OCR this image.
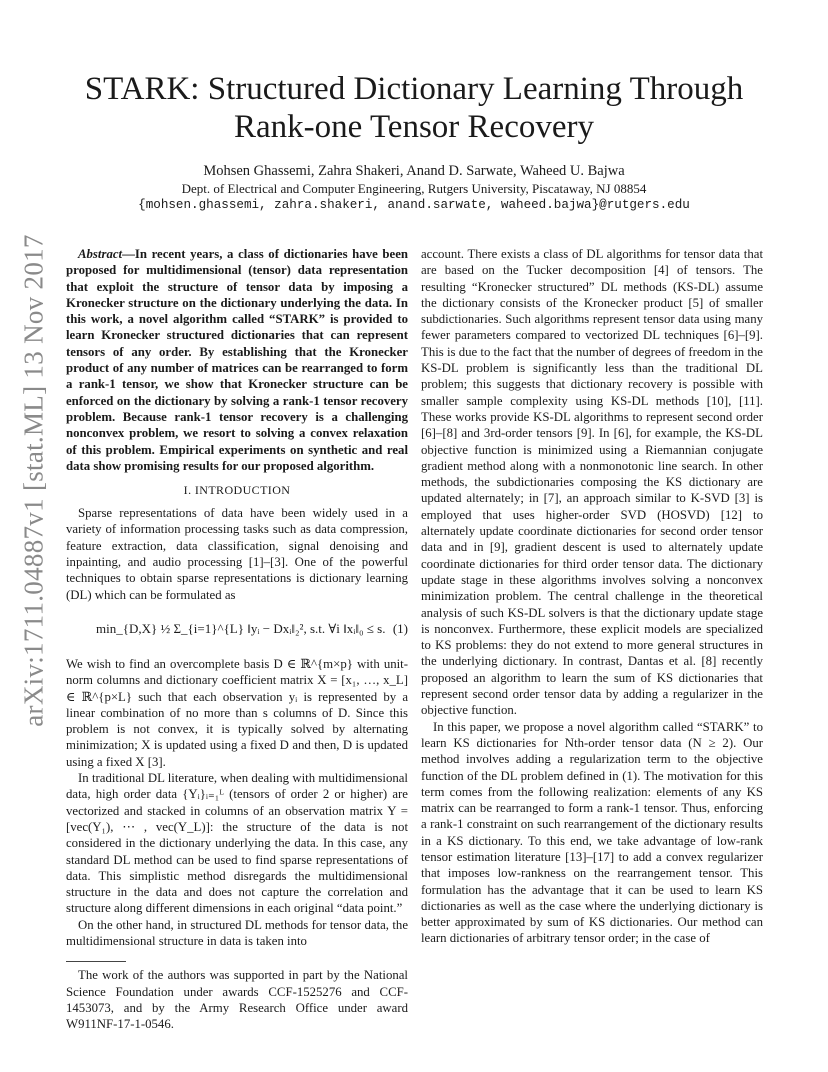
arXiv:1711.04887v1 [stat.ML] 13 Nov 2017
STARK: Structured Dictionary Learning Through Rank-one Tensor Recovery
Mohsen Ghassemi, Zahra Shakeri, Anand D. Sarwate, Waheed U. Bajwa
Dept. of Electrical and Computer Engineering, Rutgers University, Piscataway, NJ 08854
{mohsen.ghassemi, zahra.shakeri, anand.sarwate, waheed.bajwa}@rutgers.edu

Abstract—In recent years, a class of dictionaries have been proposed for multidimensional (tensor) data representation that exploit the structure of tensor data by imposing a Kronecker structure on the dictionary underlying the data. In this work, a novel algorithm called “STARK” is provided to learn Kronecker structured dictionaries that can represent tensors of any order. By establishing that the Kronecker product of any number of matrices can be rearranged to form a rank-1 tensor, we show that Kronecker structure can be enforced on the dictionary by solving a rank-1 tensor recovery problem. Because rank-1 tensor recovery is a challenging nonconvex problem, we resort to solving a convex relaxation of this problem. Empirical experiments on synthetic and real data show promising results for our proposed algorithm.

I. INTRODUCTION

Sparse representations of data have been widely used in a variety of information processing tasks such as data compression, feature extraction, data classification, signal denoising and inpainting, and audio processing [1]–[3]. One of the powerful techniques to obtain sparse representations is dictionary learning (DL) which can be formulated as

min_{D,X} ½ Σ_{i=1}^{L} ‖yᵢ − Dxᵢ‖₂², s.t. ∀i ‖xᵢ‖₀ ≤ s. (1)

We wish to find an overcomplete basis D ∈ ℝ^{m×p} with unit-norm columns and dictionary coefficient matrix X = [x₁, …, x_L] ∈ ℝ^{p×L} such that each observation yᵢ is represented by a linear combination of no more than s columns of D. Since this problem is not convex, it is typically solved by alternating minimization; X is updated using a fixed D and then, D is updated using a fixed X [3].

In traditional DL literature, when dealing with multidimensional data, high order data {Yᵢ}ᵢ₌₁ᴸ (tensors of order 2 or higher) are vectorized and stacked in columns of an observation matrix Y = [vec(Y₁), ⋯ , vec(Y_L)]: the structure of the data is not considered in the dictionary underlying the data. In this case, any standard DL method can be used to find sparse representations of data. This simplistic method disregards the multidimensional structure in the data and does not capture the correlation and structure along different dimensions in each original “data point.”

On the other hand, in structured DL methods for tensor data, the multidimensional structure in data is taken into

The work of the authors was supported in part by the National Science Foundation under awards CCF-1525276 and CCF-1453073, and by the Army Research Office under award W911NF-17-1-0546.

account. There exists a class of DL algorithms for tensor data that are based on the Tucker decomposition [4] of tensors. The resulting “Kronecker structured” DL methods (KS-DL) assume the dictionary consists of the Kronecker product [5] of smaller subdictionaries. Such algorithms represent tensor data using many fewer parameters compared to vectorized DL techniques [6]–[9]. This is due to the fact that the number of degrees of freedom in the KS-DL problem is significantly less than the traditional DL problem; this suggests that dictionary recovery is possible with smaller sample complexity using KS-DL methods [10], [11]. These works provide KS-DL algorithms to represent second order [6]–[8] and 3rd-order tensors [9]. In [6], for example, the KS-DL objective function is minimized using a Riemannian conjugate gradient method along with a nonmonotonic line search. In other methods, the subdictionaries composing the KS dictionary are updated alternately; in [7], an approach similar to K-SVD [3] is employed that uses higher-order SVD (HOSVD) [12] to alternately update coordinate dictionaries for second order tensor data and in [9], gradient descent is used to alternately update coordinate dictionaries for third order tensor data. The dictionary update stage in these algorithms involves solving a nonconvex minimization problem. The central challenge in the theoretical analysis of such KS-DL solvers is that the dictionary update stage is nonconvex. Furthermore, these explicit models are specialized to KS problems: they do not extend to more general structures in the underlying dictionary. In contrast, Dantas et al. [8] recently proposed an algorithm to learn the sum of KS dictionaries that represent second order tensor data by adding a regularizer in the objective function.

In this paper, we propose a novel algorithm called “STARK” to learn KS dictionaries for Nth-order tensor data (N ≥ 2). Our method involves adding a regularization term to the objective function of the DL problem defined in (1). The motivation for this term comes from the following realization: elements of any KS matrix can be rearranged to form a rank-1 tensor. Thus, enforcing a rank-1 constraint on such rearrangement of the dictionary results in a KS dictionary. To this end, we take advantage of low-rank tensor estimation literature [13]–[17] to add a convex regularizer that imposes low-rankness on the rearrangement tensor. This formulation has the advantage that it can be used to learn KS dictionaries as well as the case where the underlying dictionary is better approximated by sum of KS dictionaries. Our method can learn dictionaries of arbitrary tensor order; in the case of
